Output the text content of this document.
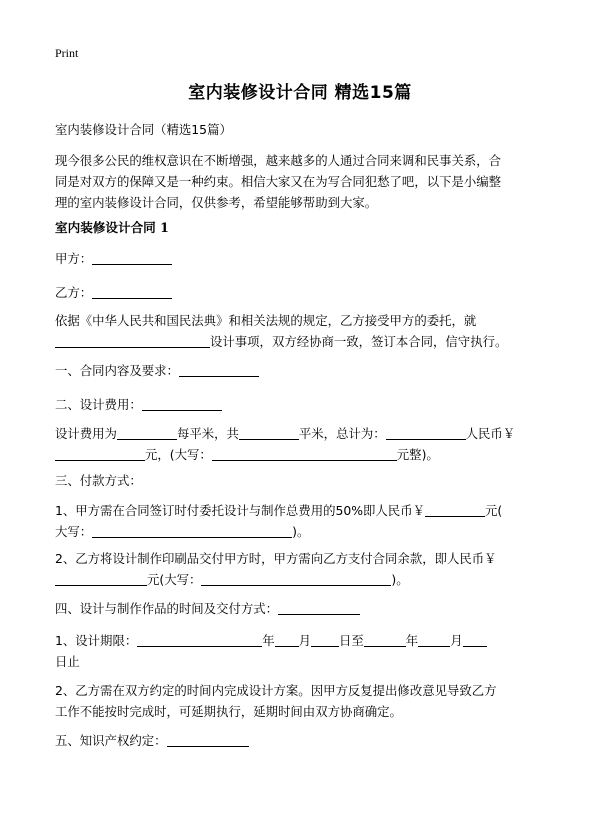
Print
室内装修设计合同 精选15篇
室内装修设计合同（精选15篇）
现今很多公民的维权意识在不断增强，越来越多的人通过合同来调和民事关系，合
同是对双方的保障又是一种约束。相信大家又在为写合同犯愁了吧，以下是小编整
理的室内装修设计合同，仅供参考，希望能够帮助到大家。
室内装修设计合同 1
甲方：
乙方：
依据《中华人民共和国民法典》和相关法规的规定，乙方接受甲方的委托，就
设计事项，双方经协商一致，签订本合同，信守执行。
一、合同内容及要求：
二、设计费用：
设计费用为	每平米，共	平米，总计为：	人民币￥
元，(大写：	元整)。
三、付款方式：
1、甲方需在合同签订时付委托设计与制作总费用的50%即人民币￥	元(
大写：	)。
2、乙方将设计制作印刷品交付甲方时，甲方需向乙方支付合同余款，即人民币￥
元(大写：	)。
四、设计与制作作品的时间及交付方式：
1、设计期限：	年 月 日至	年	月
日止
2、乙方需在双方约定的时间内完成设计方案。因甲方反复提出修改意见导致乙方
工作不能按时完成时，可延期执行，延期时间由双方协商确定。
五、知识产权约定：
